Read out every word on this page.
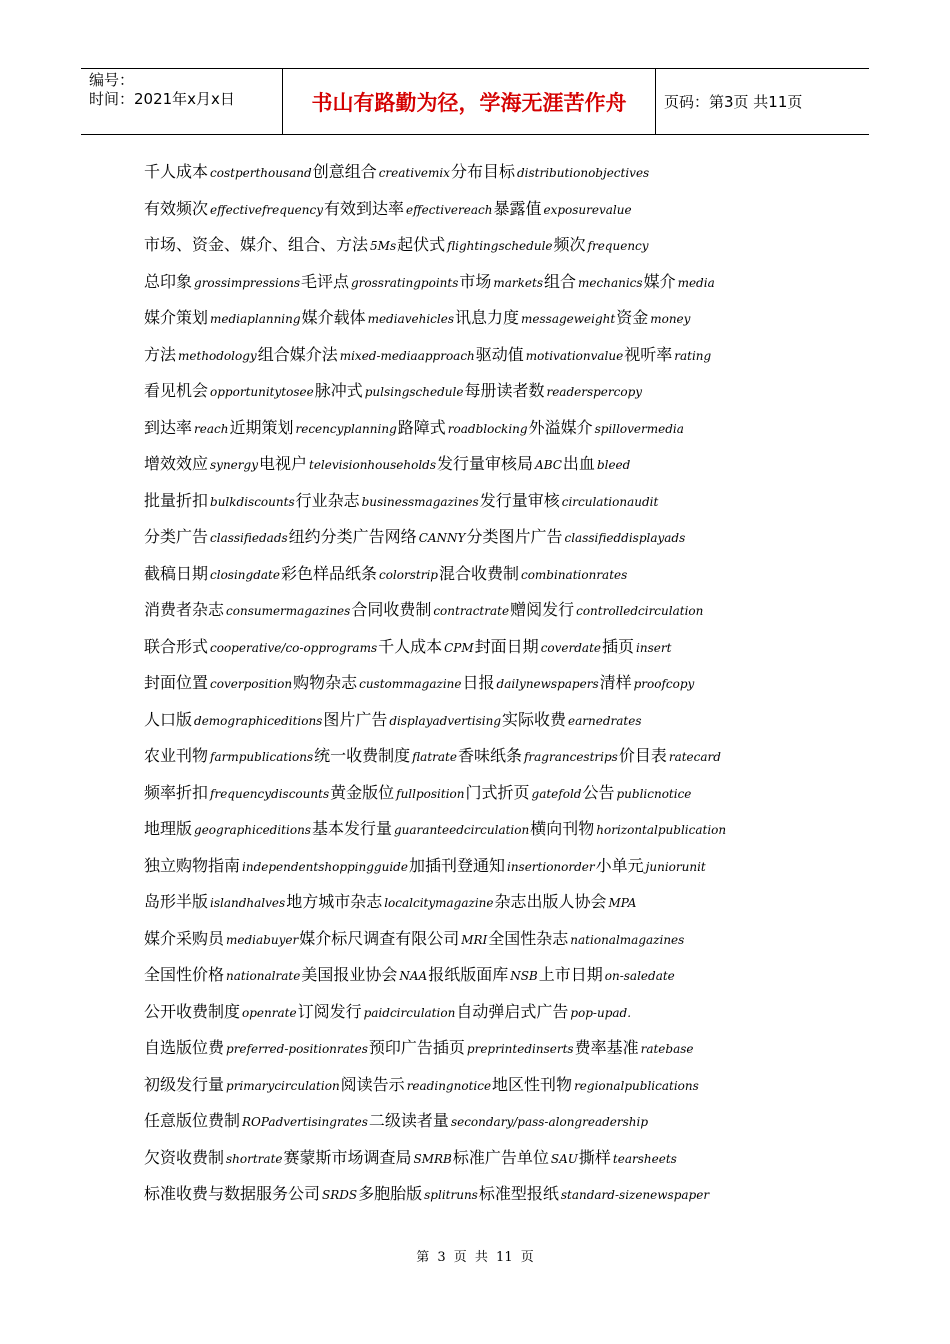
编号：
时间：2021年x月x日	书山有路勤为径，学海无涯苦作舟	页码：第3页 共11页
千人成本 costperthousand创意组合 creativemix分布目标 distributionobjectives
有效频次 effectivefrequency有效到达率 effectivereach暴露值 exposurevalue
市场、资金、媒介、组合、方法 5Ms起伏式 flightingschedule频次 frequency
总印象 grossimpressions毛评点 grossratingpoints市场 markets组合 mechanics媒介 media
媒介策划 mediaplanning媒介载体 mediavehicles讯息力度 messageweight资金 money
方法 methodology组合媒介法 mixed-mediaapproach驱动值 motivationvalue视听率 rating
看见机会 opportunitytosee脉冲式 pulsingschedule每册读者数 readerspercopy
到达率 reach近期策划 recencyplanning路障式 roadblocking外溢媒介 spillovermedia
增效效应 synergy电视户 televisionhouseholds发行量审核局 ABC出血 bleed
批量折扣 bulkdiscounts行业杂志 businessmagazines发行量审核 circulationaudit
分类广告 classifiedads纽约分类广告网络 CANNY分类图片广告 classifieddisplayads
截稿日期 closingdate彩色样品纸条 colorstrip混合收费制 combinationrates
消费者杂志 consumermagazines合同收费制 contractrate赠阅发行 controlledcirculation
联合形式 cooperative/co-opprograms千人成本 CPM封面日期 coverdate插页 insert
封面位置 coverposition购物杂志 custommagazine日报 dailynewspapers清样 proofcopy
人口版 demographiceditions图片广告 displayadvertising实际收费 earnedrates
农业刊物 farmpublications统一收费制度 flatrate香味纸条 fragrancestrips价目表 ratecard
频率折扣 frequencydiscounts黄金版位 fullposition门式折页 gatefold公告 publicnotice
地理版 geographiceditions基本发行量 guaranteedcirculation横向刊物 horizontalpublication
独立购物指南 independentshoppingguide加插刊登通知 insertionorder小单元 juniorunit
岛形半版 islandhalves地方城市杂志 localcitymagazine杂志出版人协会 MPA
媒介采购员 mediabuyer媒介标尺调查有限公司 MRI全国性杂志 nationalmagazines
全国性价格 nationalrate美国报业协会 NAA报纸版面库 NSB上市日期 on-saledate
公开收费制度 openrate订阅发行 paidcirculation自动弹启式广告 pop-upad.
自选版位费 preferred-positionrates预印广告插页 preprintedinserts费率基准 ratebase
初级发行量 primarycirculation阅读告示 readingnotice地区性刊物 regionalpublications
任意版位费制 ROPadvertisingrates二级读者量 secondary/pass-alongreadership
欠资收费制 shortrate赛蒙斯市场调查局 SMRB标准广告单位 SAU撕样 tearsheets
标准收费与数据服务公司 SRDS多胞胎版 splitruns标准型报纸 standard-sizenewspaper
第 3 页 共 11 页
